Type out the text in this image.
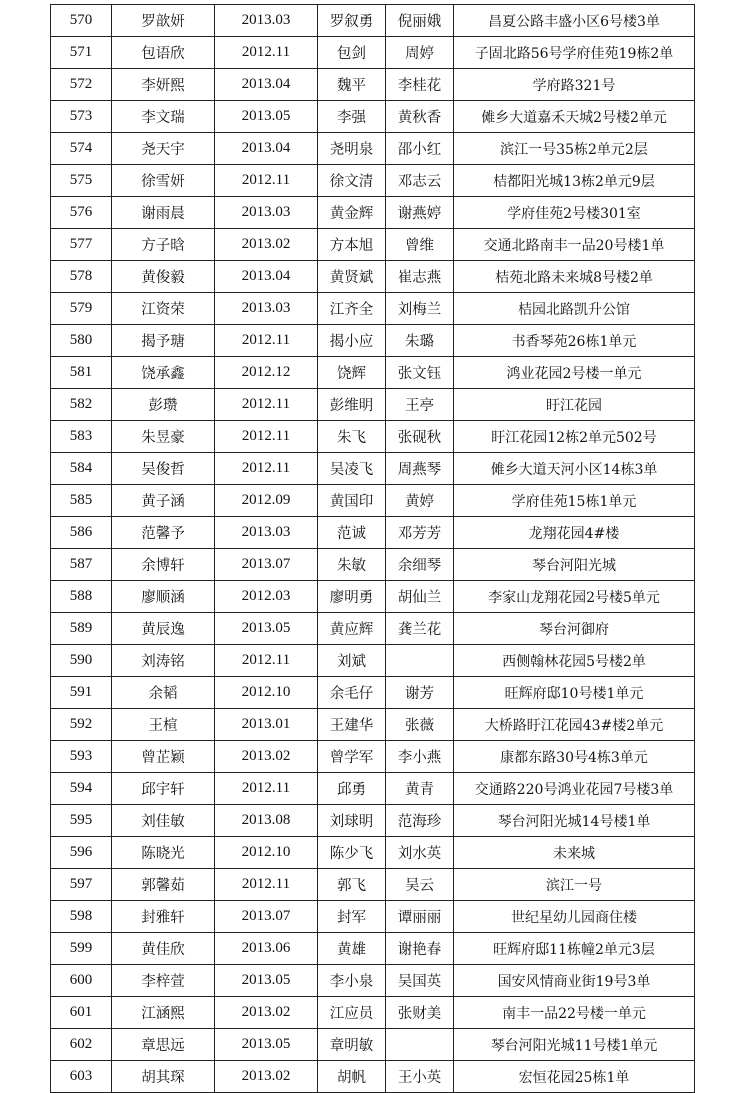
570	罗歆妍	2013.03	罗叙勇	倪丽娥	昌夏公路丰盛小区6号楼3单
571	包语欣	2012.11	包剑	周婷	子固北路56号学府佳苑19栋2单
572	李妍熙	2013.04	魏平	李桂花	学府路321号
573	李文瑞	2013.05	李强	黄秋香	傩乡大道嘉禾天城2号楼2单元
574	尧天宇	2013.04	尧明泉	邵小红	滨江一号35栋2单元2层
575	徐雪妍	2012.11	徐文清	邓志云	桔都阳光城13栋2单元9层
576	谢雨晨	2013.03	黄金辉	谢燕婷	学府佳苑2号楼301室
577	方子晗	2013.02	方本旭	曾维	交通北路南丰一品20号楼1单
578	黄俊毅	2013.04	黄贤斌	崔志燕	桔苑北路未来城8号楼2单
579	江资荣	2013.03	江齐全	刘梅兰	桔园北路凯升公馆
580	揭予瑭	2012.11	揭小应	朱璐	书香琴苑26栋1单元
581	饶承鑫	2012.12	饶辉	张文钰	鸿业花园2号楼一单元
582	彭瓒	2012.11	彭维明	王亭	盱江花园
583	朱昱豪	2012.11	朱飞	张砚秋	盱江花园12栋2单元502号
584	吴俊哲	2012.11	吴凌飞	周燕琴	傩乡大道天河小区14栋3单
585	黄子涵	2012.09	黄国印	黄婷	学府佳苑15栋1单元
586	范馨予	2013.03	范诚	邓芳芳	龙翔花园4#楼
587	余博轩	2013.07	朱敏	余细琴	琴台河阳光城
588	廖顺涵	2012.03	廖明勇	胡仙兰	李家山龙翔花园2号楼5单元
589	黄辰逸	2013.05	黄应辉	龚兰花	琴台河御府
590	刘涛铭	2012.11	刘斌		西侧翰林花园5号楼2单
591	余韬	2012.10	余毛仔	谢芳	旺辉府邸10号楼1单元
592	王楦	2013.01	王建华	张薇	大桥路盱江花园43#楼2单元
593	曾芷颖	2013.02	曾学军	李小燕	康都东路30号4栋3单元
594	邱宇轩	2012.11	邱勇	黄青	交通路220号鸿业花园7号楼3单
595	刘佳敏	2013.08	刘球明	范海珍	琴台河阳光城14号楼1单
596	陈晓光	2012.10	陈少飞	刘水英	未来城
597	郭馨茹	2012.11	郭飞	吴云	滨江一号
598	封雅轩	2013.07	封军	谭丽丽	世纪星幼儿园商住楼
599	黄佳欣	2013.06	黄雄	谢艳春	旺辉府邸11栋幢2单元3层
600	李梓萱	2013.05	李小泉	吴国英	国安风情商业街19号3单
601	江涵熙	2013.02	江应员	张财美	南丰一品22号楼一单元
602	章思远	2013.05	章明敏		琴台河阳光城11号楼1单元
603	胡其琛	2013.02	胡帆	王小英	宏恒花园25栋1单
